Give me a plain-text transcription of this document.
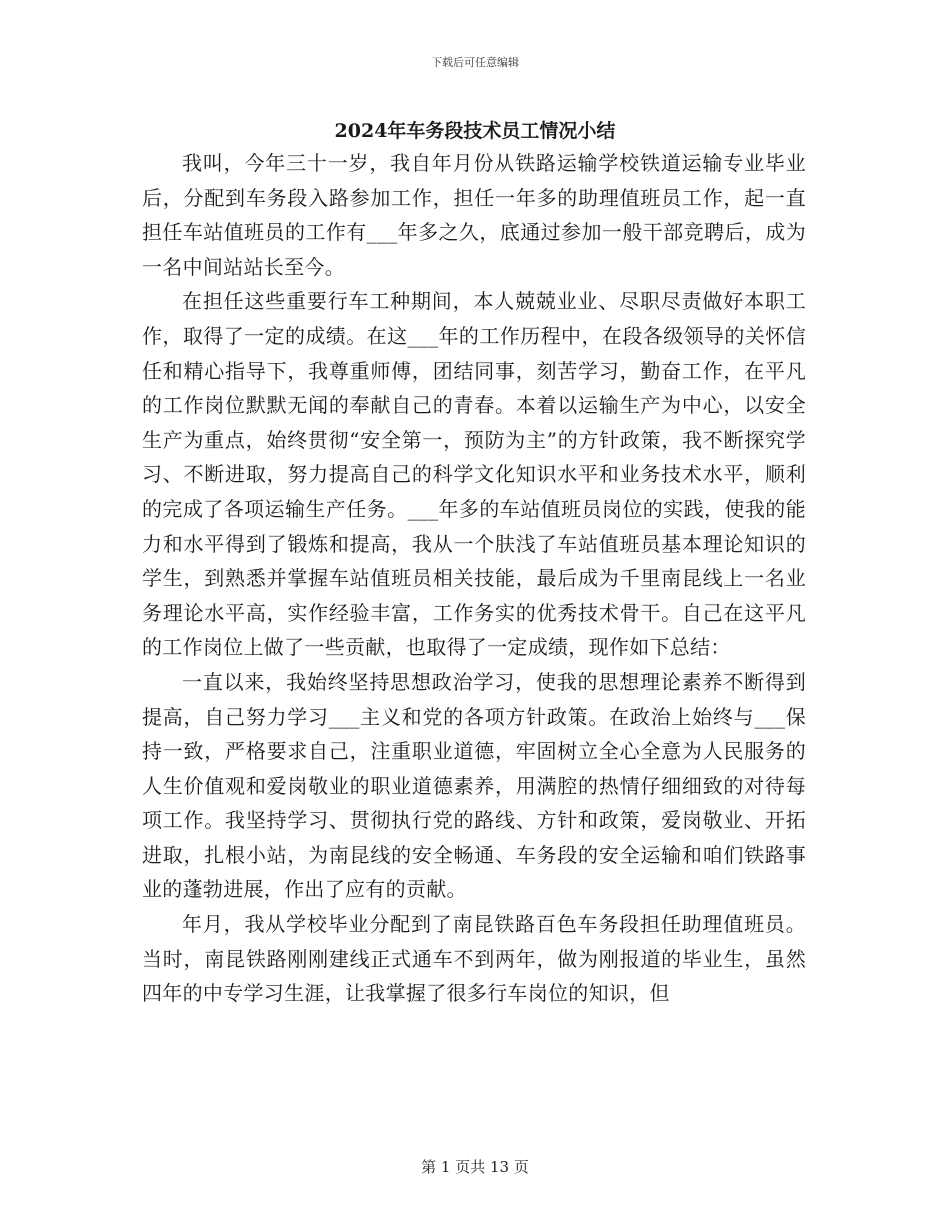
下载后可任意编辑
2024年车务段技术员工情况小结

我叫，今年三十一岁，我自年月份从铁路运输学校铁道运输专业毕业后，分配到车务段入路参加工作，担任一年多的助理值班员工作，起一直担任车站值班员的工作有___年多之久，底通过参加一般干部竞聘后，成为一名中间站站长至今。

在担任这些重要行车工种期间，本人兢兢业业、尽职尽责做好本职工作，取得了一定的成绩。在这___年的工作历程中，在段各级领导的关怀信任和精心指导下，我尊重师傅，团结同事，刻苦学习，勤奋工作，在平凡的工作岗位默默无闻的奉献自己的青春。本着以运输生产为中心，以安全生产为重点，始终贯彻“安全第一，预防为主”的方针政策，我不断探究学习、不断进取，努力提高自己的科学文化知识水平和业务技术水平，顺利的完成了各项运输生产任务。___年多的车站值班员岗位的实践，使我的能力和水平得到了锻炼和提高，我从一个肤浅了车站值班员基本理论知识的学生，到熟悉并掌握车站值班员相关技能，最后成为千里南昆线上一名业务理论水平高，实作经验丰富，工作务实的优秀技术骨干。自己在这平凡的工作岗位上做了一些贡献，也取得了一定成绩，现作如下总结：

一直以来，我始终坚持思想政治学习，使我的思想理论素养不断得到提高，自己努力学习___主义和党的各项方针政策。在政治上始终与___保持一致，严格要求自己，注重职业道德，牢固树立全心全意为人民服务的人生价值观和爱岗敬业的职业道德素养，用满腔的热情仔细细致的对待每项工作。我坚持学习、贯彻执行党的路线、方针和政策，爱岗敬业、开拓进取，扎根小站，为南昆线的安全畅通、车务段的安全运输和咱们铁路事业的蓬勃进展，作出了应有的贡献。

年月，我从学校毕业分配到了南昆铁路百色车务段担任助理值班员。当时，南昆铁路刚刚建线正式通车不到两年，做为刚报道的毕业生，虽然四年的中专学习生涯，让我掌握了很多行车岗位的知识，但

第 1 页共 13 页
